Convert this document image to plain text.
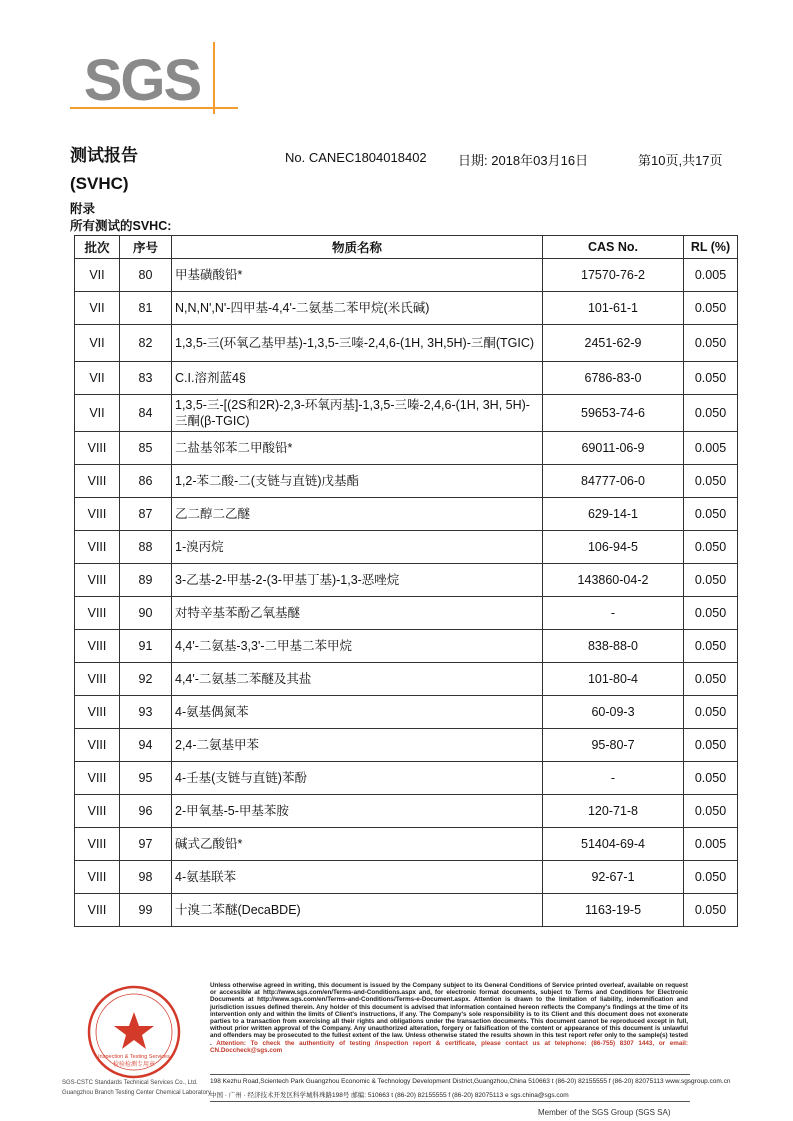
SGS
测试报告
(SVHC)
No. CANEC1804018402 日期: 2018年03月16日	第10页,共17页
附录
所有测试的SVHC:
批次	序号	物质名称	CAS No.	RL (%)
VII	80	甲基磺酸铅*	17570-76-2	0.005
VII	81	N,N,N',N'-四甲基-4,4'-二氨基二苯甲烷(米氏碱)	101-61-1	0.050
VII	82	1,3,5-三(环氧乙基甲基)-1,3,5-三嗪-2,4,6-(1H, 3H,5H)-三酮(TGIC)	2451-62-9	0.050
VII	83	C.I.溶剂蓝4§	6786-83-0	0.050
VII	84	1,3,5-三-[(2S和2R)-2,3-环氧丙基]-1,3,5-三嗪-2,4,6-(1H, 3H, 5H)-三酮(β-TGIC)	59653-74-6	0.050
VIII	85	二盐基邻苯二甲酸铅*	69011-06-9	0.005
VIII	86	1,2-苯二酸-二(支链与直链)戊基酯	84777-06-0	0.050
VIII	87	乙二醇二乙醚	629-14-1	0.050
VIII	88	1-溴丙烷	106-94-5	0.050
VIII	89	3-乙基-2-甲基-2-(3-甲基丁基)-1,3-恶唑烷	143860-04-2	0.050
VIII	90	对特辛基苯酚乙氧基醚	-	0.050
VIII	91	4,4'-二氨基-3,3'-二甲基二苯甲烷	838-88-0	0.050
VIII	92	4,4'-二氨基二苯醚及其盐	101-80-4	0.050
VIII	93	4-氨基偶氮苯	60-09-3	0.050
VIII	94	2,4-二氨基甲苯	95-80-7	0.050
VIII	95	4-壬基(支链与直链)苯酚	-	0.050
VIII	96	2-甲氧基-5-甲基苯胺	120-71-8	0.050
VIII	97	碱式乙酸铅*	51404-69-4	0.005
VIII	98	4-氨基联苯	92-67-1	0.050
VIII	99	十溴二苯醚(DecaBDE)	1163-19-5	0.050
Inspection & Testing Services
检验检测专用章
Unless otherwise agreed in writing, this document is issued by the Company subject to its General Conditions of Service printed overleaf, available on request or accessible at http://www.sgs.com/en/Terms-and-Conditions.aspx and, for electronic format documents, subject to Terms and Conditions for Electronic Documents at http://www.sgs.com/en/Terms-and-Conditions/Terms-e-Document.aspx. Attention is drawn to the limitation of liability, indemnification and jurisdiction issues defined therein. Any holder of this document is advised that information contained hereon reflects the Company's findings at the time of its intervention only and within the limits of Client's instructions, if any. The Company's sole responsibility is to its Client and this document does not exonerate parties to a transaction from exercising all their rights and obligations under the transaction documents. This document cannot be reproduced except in full, without prior written approval of the Company. Any unauthorized alteration, forgery or falsification of the content or appearance of this document is unlawful and offenders may be prosecuted to the fullest extent of the law. Unless otherwise stated the results shown in this test report refer only to the sample(s) tested . Attention: To check the authenticity of testing /inspection report & certificate, please contact us at telephone: (86-755) 8307 1443, or email: CN.Doccheck@sgs.com
SGS-CSTC Standards Technical Services Co., Ltd.
Guangzhou Branch Testing Center Chemical Laboratory.
198 Kezhu Road,Scientech Park Guangzhou Economic & Technology Development District,Guangzhou,China 510663 t (86-20) 82155555 f (86-20) 82075113 www.sgsgroup.com.cn
中国 · 广州 · 经济技术开发区科学城科珠路198号 邮编: 510663 t (86-20) 82155555 f (86-20) 82075113 e sgs.china@sgs.com
Member of the SGS Group (SGS SA)
